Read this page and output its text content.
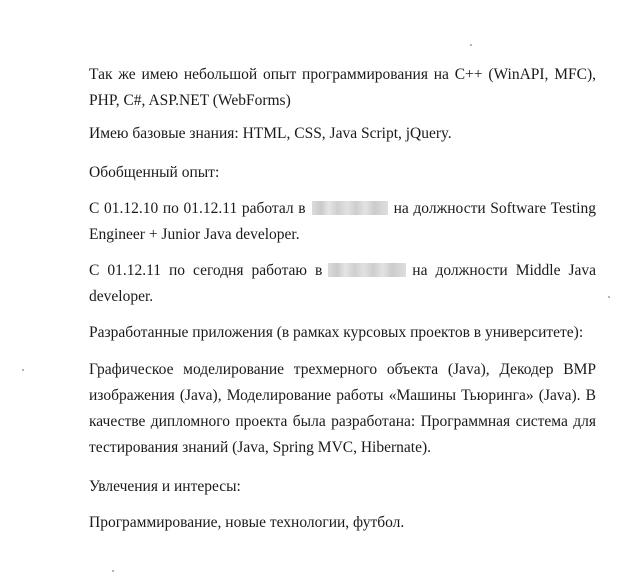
Так же имею небольшой опыт программирования на С++ (WinAPI, MFC),
PHP, C#, ASP.NET (WebForms)

Имею базовые знания: HTML, CSS, Java Script, jQuery.

Обобщенный опыт:

С 01.12.10 по 01.12.11 работал в	на должности Software Testing
Engineer + Junior Java developer.

С 01.12.11 по сегодня работаю в	на должности Middle Java
developer.

Разработанные приложения (в рамках курсовых проектов в университете):

Графическое моделирование трехмерного объекта (Java), Декодер BMP
изображения (Java), Моделирование работы «Машины Тьюринга» (Java). В
качестве дипломного проекта была разработана: Программная система для
тестирования знаний (Java, Spring MVC, Hibernate).

Увлечения и интересы:

Программирование, новые технологии, футбол.
